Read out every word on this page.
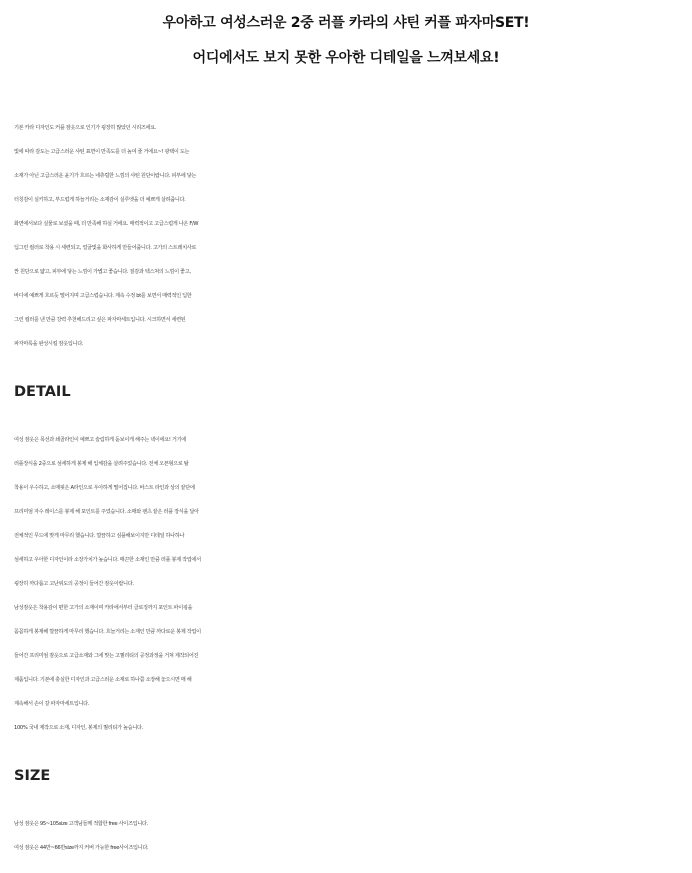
우아하고 여성스러운 2중 러플 카라의 샤틴 커플 파자마SET!
어디에서도 보지 못한 우아한 디테일을 느껴보세요!
기본 카라 디자인도 커플 잠옷으로 인기가 굉장히 많았던 시리즈에요.
빛에 따라 감도는 고급스러운 샤틴 표면이 만족도를 더 높여 줄 거에요~! 광택이 도는
소재가 아닌 고급스러운 윤기가 흐르는 네츄럴한 느낌의 샤틴 원단이랍니다. 피부에 닿는
터칭감이 실키하고, 부드럽게 하늘거리는 소재감이 실루엣을 더 예쁘게 살려줍니다.
화면에서보다 실물로 보셨을 때, 더 만족해 하실 거에요. 매력적이고 고급스럽게 나온 F/W
딥그린 컬러로 착용 시 세련되고, 얼굴빛을 화사하게 만들어줍니다. 고가의 스트레치사로
짠 원단으로 얇고, 피부에 닿는 느낌이 가볍고 좋습니다. 질감과 텍스쳐의 느낌이 좋고,
바디에 예쁘게 흐르듯 떨어지며 고급스럽습니다. 계속 수정 bt를 보면서 매력적인 딥한
그린 컬러를 낸 만큼 강력 추천해드리고 싶은 파자마세트입니다. 시크하면서 세련된
파자마룩을 완성시킬 잠옷입니다.
DETAIL
여성 잠옷은 목선과 쇄골라인이 예쁘고 슬림하게 돋보이게 해주는 넥이에요! 거기에
러플장식을 2중으로 섬세하게 봉제 해 입체감을 살려주었습니다. 전체 오픈형으로 탈
착용이 우수하고, 소매핏은 A라인으로 우아하게 떨어집니다. 바스트 라인과 상의 끝단에
프리미엄 자수 레이스를 봉제 해 포인트를 주었습니다. 소매와 팬츠 끝은 러플 장식을 달아
전체적인 무드에 맞게 마무리 했습니다. 깔끔하고 심플해보이지만 디테일 하나하나
섬세하고 우아한 디자인이라 소장가치가 높습니다. 매끈한 소재인 만큼 러플 봉제 작업에서
굉장히 까다롭고 고난위도의 공정이 들어간 잠옷이랍니다.
남성잠옷은 착용감이 편한 고가의 소재이며 카라에서부터 클로징까지 포인트 파이핑을
꼼꼼하게 봉제해 깔끔하게 마무리 했습니다. 흐늘거리는 소재인 만큼 까다로운 봉제 작업이
들어간 프리미엄 잠옷으로 고급소재와 그에 맞는 고퀄리티의 공정과정을 거쳐 제작되어진
제품입니다. 기본에 충실한 디자인과 고급스러운 소재로 하나쯤 소장해 놓으시면 매 해
계속해서 손이 갈 파자마세트입니다.
100% 국내 제작으로 소재, 디자인, 봉제의 퀄리티가 높습니다.
SIZE
남성 잠옷은 95~105size 고객님들께 적합한 free 사이즈입니다.
여성 잠옷은 44반~66반size까지 커버 가능한 free사이즈입니다.
